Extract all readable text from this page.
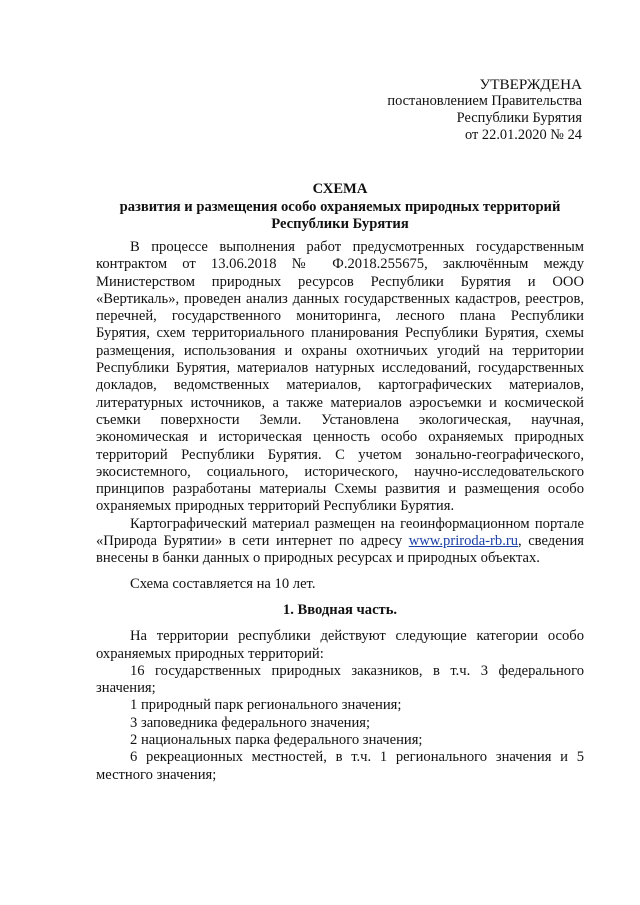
УТВЕРЖДЕНА
постановлением Правительства
Республики Бурятия
от 22.01.2020 № 24
СХЕМА
развития и размещения особо охраняемых природных территорий
Республики Бурятия

В процессе выполнения работ предусмотренных государственным контрактом от 13.06.2018 № Ф.2018.255675, заключённым между Министерством природных ресурсов Республики Бурятия и ООО «Вертикаль», проведен анализ данных государственных кадастров, реестров, перечней, государственного мониторинга, лесного плана Республики Бурятия, схем территориального планирования Республики Бурятия, схемы размещения, использования и охраны охотничьих угодий на территории Республики Бурятия, материалов натурных исследований, государственных докладов, ведомственных материалов, картографических материалов, литературных источников, а также материалов аэросъемки и космической съемки поверхности Земли. Установлена экологическая, научная, экономическая и историческая ценность особо охраняемых природных территорий Республики Бурятия. С учетом зонально-географического, экосистемного, социального, исторического, научно-исследовательского принципов разработаны материалы Схемы развития и размещения особо охраняемых природных территорий Республики Бурятия.

Картографический материал размещен на геоинформационном портале «Природа Бурятии» в сети интернет по адресу www.priroda-rb.ru, сведения внесены в банки данных о природных ресурсах и природных объектах.

Схема составляется на 10 лет.

1. Вводная часть.

На территории республики действуют следующие категории особо охраняемых природных территорий:

16 государственных природных заказников, в т.ч. 3 федерального значения;

1 природный парк регионального значения;

3 заповедника федерального значения;

2 национальных парка федерального значения;

6 рекреационных местностей, в т.ч. 1 регионального значения и 5 местного значения;
